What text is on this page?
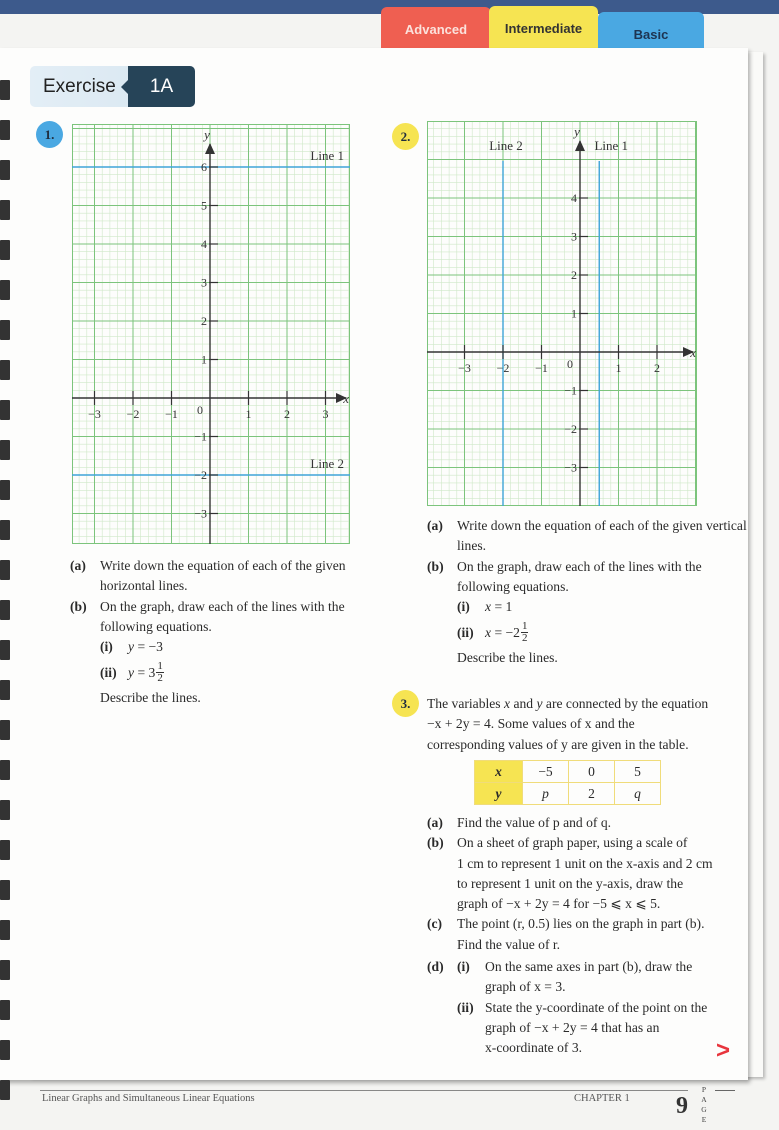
Advanced	Basic
Intermediate
Exercise	1A
1.
Line 1
Line 2
x
y
0
−3 −2 −1	1	2	3
6
5
4
3
2
1
−1
−2
−3
(a)	Write down the equation of each of the given horizontal lines.
(b) On the graph, draw each of the lines with the following equations.
(i)	y
= −3
(ii) y
= $3 \frac{1}{2}$
Describe the lines.
2.
Line 2	Line 1
x
y
0
−3 −2 −1	1	2
4
3
2
1
−1
−2
−3
(a)	Write down the equation of each of the given vertical lines.
(b) On the graph, draw each of the lines with the following equations.
(i)	x
= 1
(ii) x
= $-2 \frac{1}{2}$
Describe the lines.
3.	The variables x and y are connected by the equation
−x + 2y = 4. Some values of x and the
corresponding values of y are given in the table.
x	−5	0	5
y	p	2	q
(a)	Find the value of p and of q.
(b) On a sheet of graph paper, using a scale of
1 cm to represent 1 unit on the x-axis and 2 cm
to represent 1 unit on the y-axis, draw the
graph of −x + 2y = 4 for −5 ⩽ x ⩽ 5.
(c)	The point (r, 0.5) lies on the graph in part (b).
Find the value of r.
(d) (i)	On the same axes in part (b), draw the
graph of x = 3.
(ii) State the y-coordinate of the point on the
graph of −x + 2y = 4 that has an
x-coordinate of 3.	>
Linear Graphs and Simultaneous Linear Equations	CHAPTER 1 9
P
A
G
E
